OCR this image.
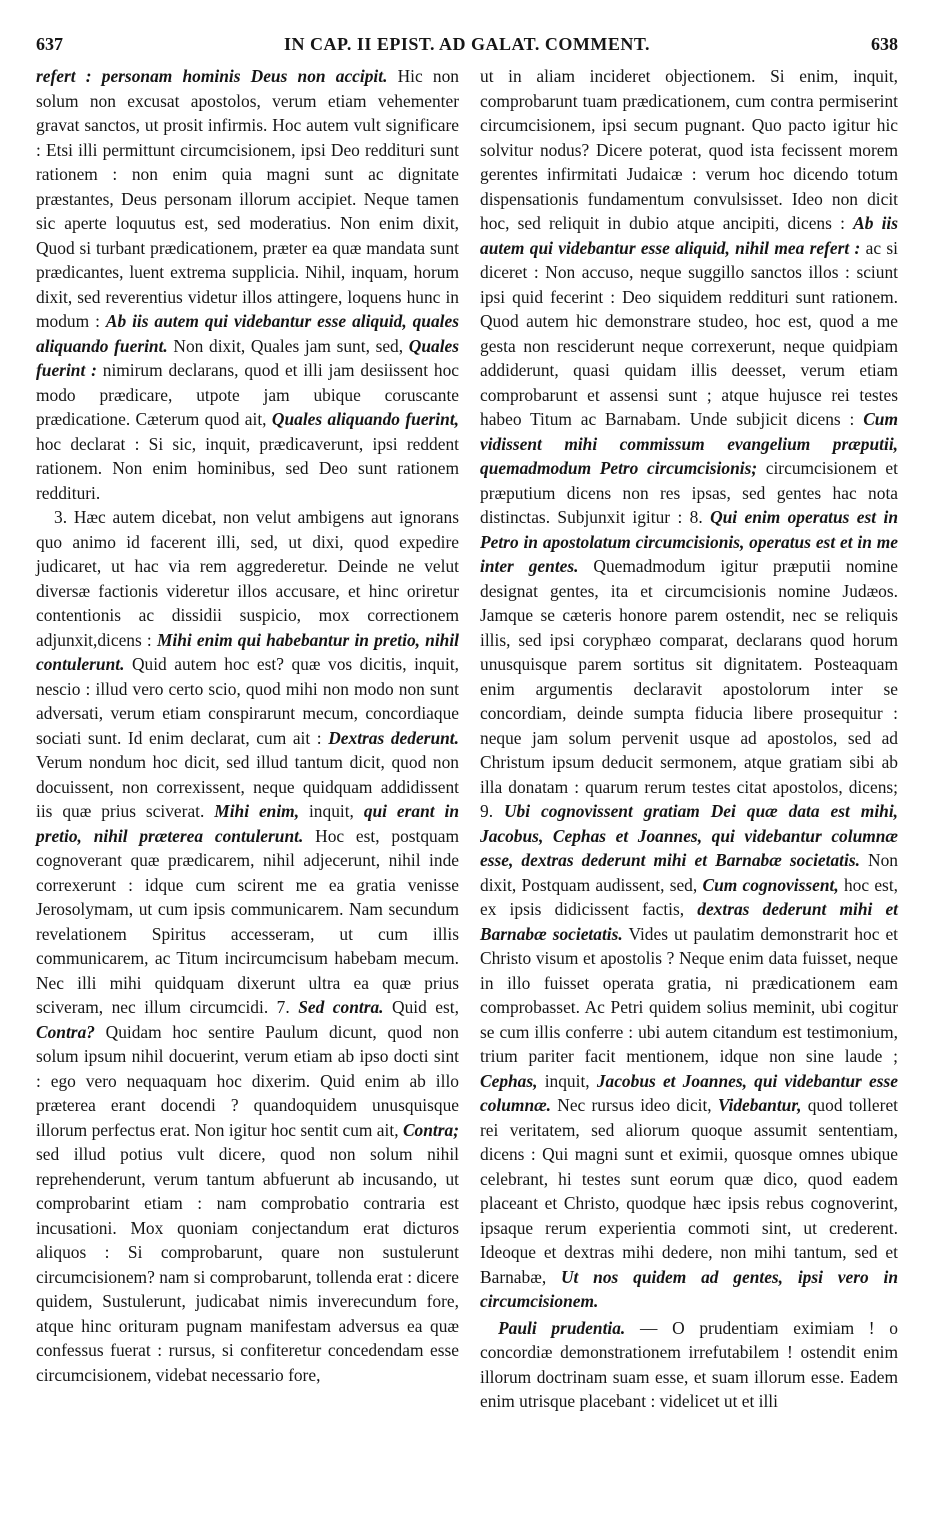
637	IN CAP. II EPIST. AD GALAT. COMMENT.	638

refert : personam hominis Deus non accipit. Hic non solum non excusat apostolos, verum etiam vehementer gravat sanctos, ut prosit infirmis. Hoc autem vult significare : Etsi illi permittunt circumcisionem, ipsi Deo reddituri sunt rationem : non enim quia magni sunt ac dignitate præstantes, Deus personam illorum accipiet. Neque tamen sic aperte loquutus est, sed moderatius. Non enim dixit, Quod si turbant prædicationem, præter ea quæ mandata sunt prædicantes, luent extrema supplicia. Nihil, inquam, horum dixit, sed reverentius videtur illos attingere, loquens hunc in modum : Ab iis autem qui videbantur esse aliquid, quales aliquando fuerint. Non dixit, Quales jam sunt, sed, Quales fuerint : nimirum declarans, quod et illi jam desiissent hoc modo prædicare, utpote jam ubique coruscante prædicatione. Cæterum quod ait, Quales aliquando fuerint, hoc declarat : Si sic, inquit, prædicaverunt, ipsi reddent rationem. Non enim hominibus, sed Deo sunt rationem reddituri.

3. Hæc autem dicebat, non velut ambigens aut ignorans quo animo id facerent illi, sed, ut dixi, quod expedire judicaret, ut hac via rem aggrederetur. Deinde ne velut diversæ factionis videretur illos accusare, et hinc oriretur contentionis ac dissidii suspicio, mox correctionem adjunxit,dicens : Mihi enim qui habebantur in pretio, nihil contulerunt. Quid autem hoc est? quæ vos dicitis, inquit, nescio : illud vero certo scio, quod mihi non modo non sunt adversati, verum etiam conspirarunt mecum, concordiaque sociati sunt. Id enim declarat, cum ait : Dextras dederunt. Verum nondum hoc dicit, sed illud tantum dicit, quod non docuissent, non correxissent, neque quidquam addidissent iis quæ prius sciverat. Mihi enim, inquit, qui erant in pretio, nihil præterea contulerunt. Hoc est, postquam cognoverant quæ prædicarem, nihil adjecerunt, nihil inde correxerunt : idque cum scirent me ea gratia venisse Jerosolymam, ut cum ipsis communicarem. Nam secundum revelationem Spiritus accesseram, ut cum illis communicarem, ac Titum incircumcisum habebam mecum. Nec illi mihi quidquam dixerunt ultra ea quæ prius sciveram, nec illum circumcidi. 7. Sed contra. Quid est, Contra? Quidam hoc sentire Paulum dicunt, quod non solum ipsum nihil docuerint, verum etiam ab ipso docti sint : ego vero nequaquam hoc dixerim. Quid enim ab illo præterea erant docendi ? quandoquidem unusquisque illorum perfectus erat. Non igitur hoc sentit cum ait, Contra; sed illud potius vult dicere, quod non solum nihil reprehenderunt, verum tantum abfuerunt ab incusando, ut comprobarint etiam : nam comprobatio contraria est incusationi. Mox quoniam conjectandum erat dicturos aliquos : Si comprobarunt, quare non sustulerunt circumcisionem? nam si comprobarunt, tollenda erat : dicere quidem, Sustulerunt, judicabat nimis inverecundum fore, atque hinc orituram pugnam manifestam adversus ea quæ confessus fuerat : rursus, si confiteretur concedendam esse circumcisionem, videbat necessario fore,

ut in aliam incideret objectionem. Si enim, inquit, comprobarunt tuam prædicationem, cum contra permiserint circumcisionem, ipsi secum pugnant. Quo pacto igitur hic solvitur nodus? Dicere poterat, quod ista fecissent morem gerentes infirmitati Judaicæ : verum hoc dicendo totum dispensationis fundamentum convulsisset. Ideo non dicit hoc, sed reliquit in dubio atque ancipiti, dicens : Ab iis autem qui videbantur esse aliquid, nihil mea refert : ac si diceret : Non accuso, neque suggillo sanctos illos : sciunt ipsi quid fecerint : Deo siquidem reddituri sunt rationem. Quod autem hic demonstrare studeo, hoc est, quod a me gesta non resciderunt neque correxerunt, neque quidpiam addiderunt, quasi quidam illis deesset, verum etiam comprobarunt et assensi sunt ; atque hujusce rei testes habeo Titum ac Barnabam. Unde subjicit dicens : Cum vidissent mihi commissum evangelium præputii, quemadmodum Petro circumcisionis; circumcisionem et præputium dicens non res ipsas, sed gentes hac nota distinctas. Subjunxit igitur : 8. Qui enim operatus est in Petro in apostolatum circumcisionis, operatus est et in me inter gentes. Quemadmodum igitur præputii nomine designat gentes, ita et circumcisionis nomine Judæos. Jamque se cæteris honore parem ostendit, nec se reliquis illis, sed ipsi coryphæo comparat, declarans quod horum unusquisque parem sortitus sit dignitatem. Posteaquam enim argumentis declaravit apostolorum inter se concordiam, deinde sumpta fiducia libere prosequitur : neque jam solum pervenit usque ad apostolos, sed ad Christum ipsum deducit sermonem, atque gratiam sibi ab illa donatam : quarum rerum testes citat apostolos, dicens; 9. Ubi cognovissent gratiam Dei quæ data est mihi, Jacobus, Cephas et Joannes, qui videbantur columnæ esse, dextras dederunt mihi et Barnabæ societatis. Non dixit, Postquam audissent, sed, Cum cognovissent, hoc est, ex ipsis didicissent factis, dextras dederunt mihi et Barnabæ societatis. Vides ut paulatim demonstrarit hoc et Christo visum et apostolis ? Neque enim data fuisset, neque in illo fuisset operata gratia, ni prædicationem eam comprobasset. Ac Petri quidem solius meminit, ubi cogitur se cum illis conferre : ubi autem citandum est testimonium, trium pariter facit mentionem, idque non sine laude ; Cephas, inquit, Jacobus et Joannes, qui videbantur esse columnæ. Nec rursus ideo dicit, Videbantur, quod tolleret rei veritatem, sed aliorum quoque assumit sententiam, dicens : Qui magni sunt et eximii, quosque omnes ubique celebrant, hi testes sunt eorum quæ dico, quod eadem placeant et Christo, quodque hæc ipsis rebus cognoverint, ipsaque rerum experientia commoti sint, ut crederent. Ideoque et dextras mihi dedere, non mihi tantum, sed et Barnabæ, Ut nos quidem ad gentes, ipsi vero in circumcisionem.

Pauli prudentia. — O prudentiam eximiam ! o concordiæ demonstrationem irrefutabilem ! ostendit enim illorum doctrinam suam esse, et suam illorum esse. Eadem enim utrisque placebant : videlicet ut et illi
